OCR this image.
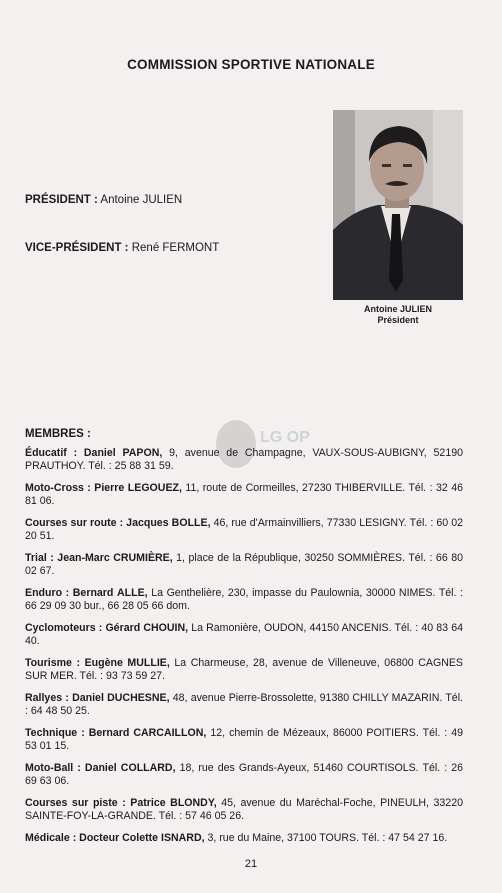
COMMISSION SPORTIVE NATIONALE
PRÉSIDENT : Antoine JULIEN
VICE-PRÉSIDENT : René FERMONT
Antoine JULIEN
Président
LG OP
MEMBRES :

Éducatif : Daniel PAPON, 9, avenue de Champagne, VAUX-SOUS-AUBIGNY, 52190 PRAUTHOY. Tél. : 25 88 31 59.

Moto-Cross : Pierre LEGOUEZ, 11, route de Cormeilles, 27230 THIBERVILLE. Tél. : 32 46 81 06.

Courses sur route : Jacques BOLLE, 46, rue d'Armainvilliers, 77330 LESIGNY. Tél. : 60 02 20 51.

Trial : Jean-Marc CRUMIÈRE, 1, place de la République, 30250 SOMMIÈRES. Tél. : 66 80 02 67.

Enduro : Bernard ALLE, La Genthelière, 230, impasse du Paulownia, 30000 NIMES. Tél. : 66 29 09 30 bur., 66 28 05 66 dom.

Cyclomoteurs : Gérard CHOUIN, La Ramonière, OUDON, 44150 ANCENIS. Tél. : 40 83 64 40.

Tourisme : Eugène MULLIE, La Charmeuse, 28, avenue de Villeneuve, 06800 CAGNES SUR MER. Tél. : 93 73 59 27.

Rallyes : Daniel DUCHESNE, 48, avenue Pierre-Brossolette, 91380 CHILLY MAZARIN. Tél. : 64 48 50 25.

Technique : Bernard CARCAILLON, 12, chemin de Mézeaux, 86000 POITIERS. Tél. : 49 53 01 15.

Moto-Ball : Daniel COLLARD, 18, rue des Grands-Ayeux, 51460 COURTISOLS. Tél. : 26 69 63 06.

Courses sur piste : Patrice BLONDY, 45, avenue du Maréchal-Foche, PINEULH, 33220 SAINTE-FOY-LA-GRANDE. Tél. : 57 46 05 26.

Médicale : Docteur Colette ISNARD, 3, rue du Maine, 37100 TOURS. Tél. : 47 54 27 16.

21
